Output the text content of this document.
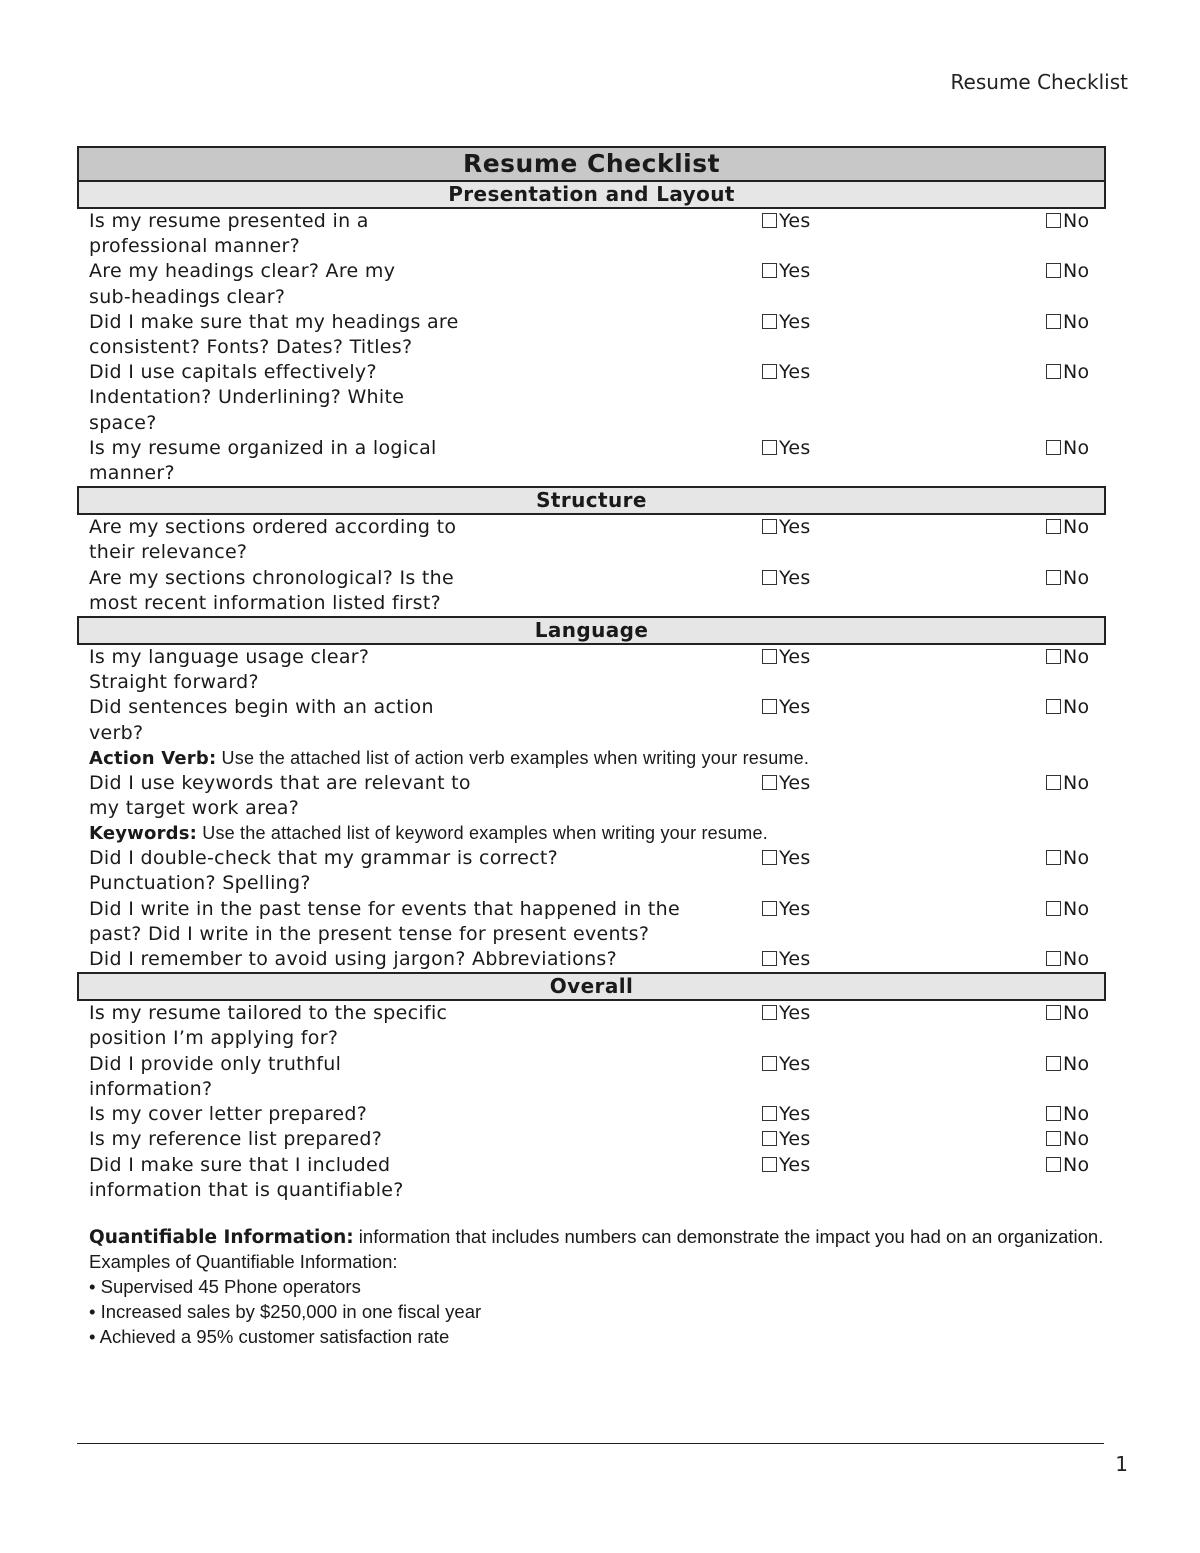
Resume Checklist
Resume Checklist
Presentation and Layout
Is my resume presented in a professional manner?
Yes	No
Are my headings clear? Are my sub-headings clear?
Yes	No
Did I make sure that my headings are consistent? Fonts? Dates? Titles?
Yes	No
Did I use capitals effectively? Indentation? Underlining? White space?
Yes	No
Is my resume organized in a logical manner?
Yes	No
Structure
Are my sections ordered according to their relevance?
Yes	No
Are my sections chronological? Is the most recent information listed first?
Yes	No
Language
Is my language usage clear? Straight forward?
Yes	No
Did sentences begin with an action verb?
Yes	No
Action Verb: Use the attached list of action verb examples when writing your resume.
Did I use keywords that are relevant to my target work area?
Yes	No
Keywords: Use the attached list of keyword examples when writing your resume.
Did I double-check that my grammar is correct? Punctuation? Spelling?
Yes	No
Did I write in the past tense for events that happened in the past? Did I write in the present tense for present events?
Yes	No
Did I remember to avoid using jargon? Abbreviations?	Yes	No
Overall
Is my resume tailored to the specific position I’m applying for?
Yes	No
Did I provide only truthful information?
Yes	No
Is my cover letter prepared?	Yes	No
Is my reference list prepared?	Yes	No
Did I make sure that I included information that is quantifiable?
Yes	No
Quantifiable Information: information that includes numbers can demonstrate the impact you had on an organization.
Examples of Quantifiable Information:
• Supervised 45 Phone operators
• Increased sales by $250,000 in one fiscal year
• Achieved a 95% customer satisfaction rate
1
